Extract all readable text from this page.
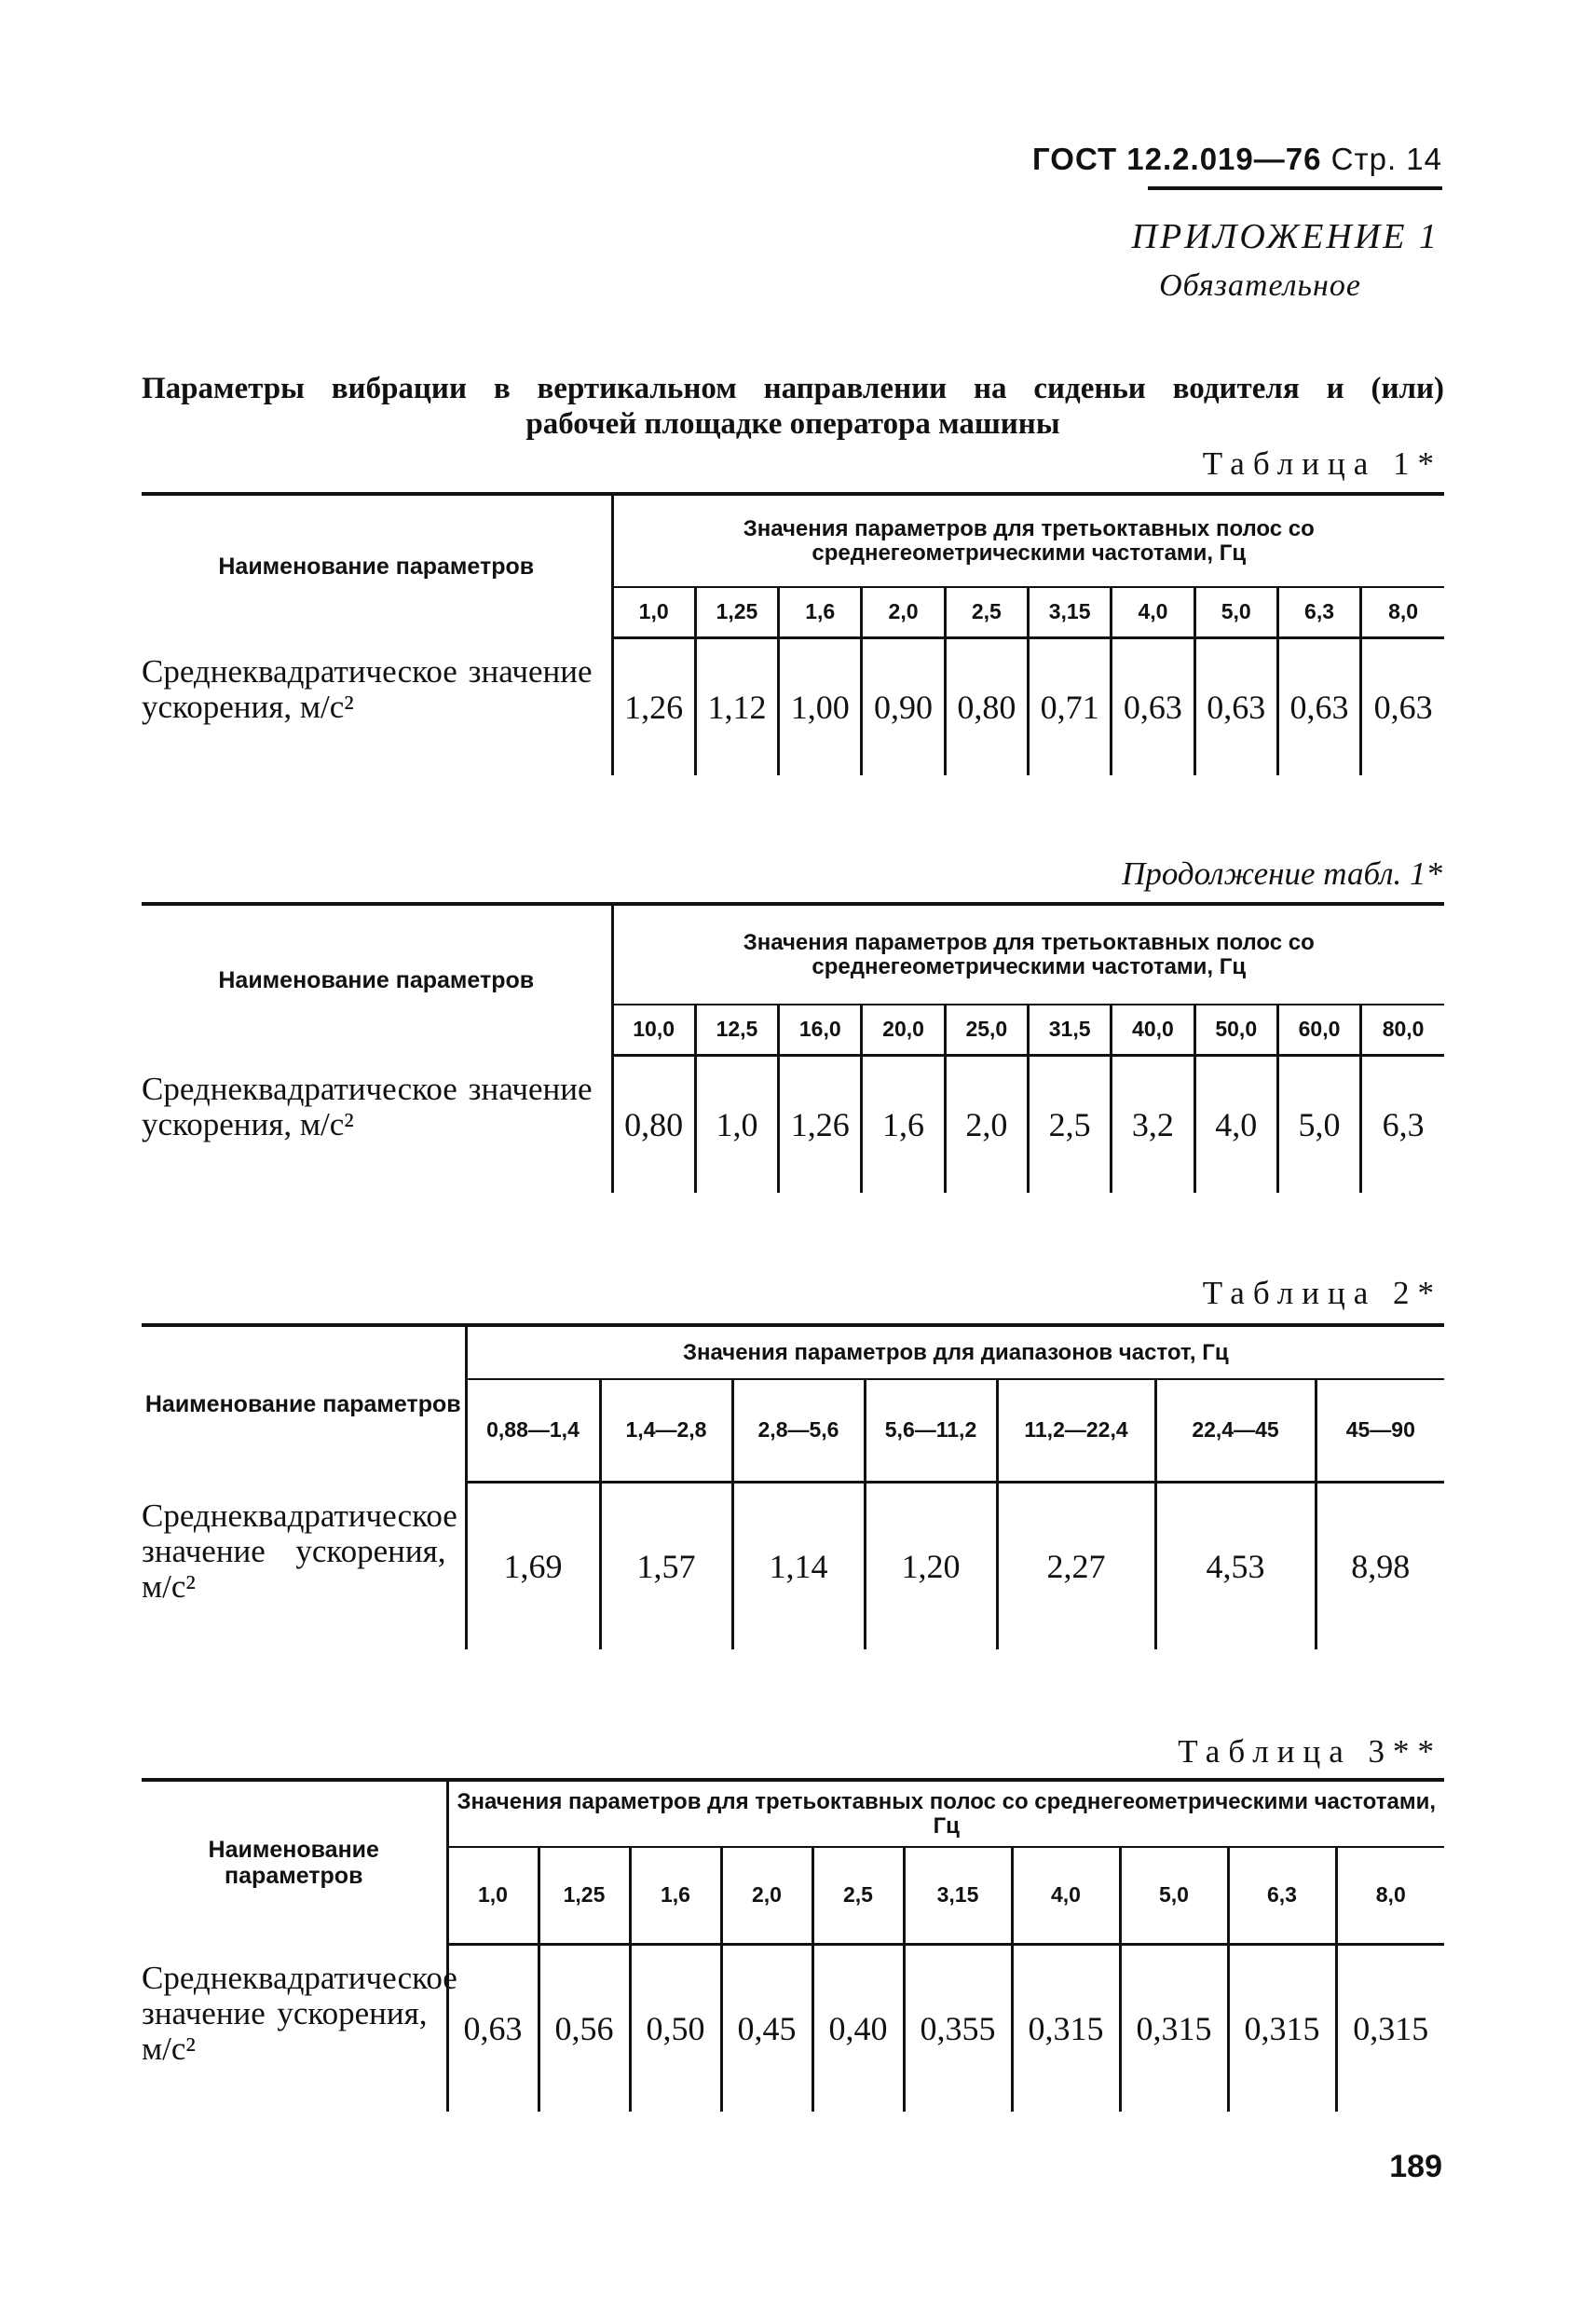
ГОСТ 12.2.019—76 Стр. 14
ПРИЛОЖЕНИЕ 1
Обязательное
Параметры вибрации в вертикальном направлении на сиденьи водителя и (или)
рабочей площадке оператора машины
Таблица 1*
Наименование параметров	Значения параметров для третьоктавных полос со среднегеометрическими частотами, Гц									
	1,0	1,25	1,6	2,0	2,5	3,15	4,0	5,0	6,3	8,0
Среднеквадратическое значение ускорения, м/с²	1,26	1,12	1,00	0,90	0,80	0,71	0,63	0,63	0,63	0,63
Продолжение табл. 1*
Наименование параметров	Значения параметров для третьоктавных полос со среднегеометрическими частотами, Гц									
	10,0	12,5	16,0	20,0	25,0	31,5	40,0	50,0	60,0	80,0
Среднеквадратическое значение ускорения, м/с²	0,80	1,0	1,26	1,6	2,0	2,5	3,2	4,0	5,0	6,3
Таблица 2*
Наименование параметров	Значения параметров для диапазонов частот, Гц						
	0,88—1,4	1,4—2,8	2,8—5,6	5,6—11,2	11,2—22,4	22,4—45	45—90
Среднеквадратическое значение ускорения, м/с²	1,69	1,57	1,14	1,20	2,27	4,53	8,98
Таблица 3**
Наименование параметров	Значения параметров для третьоктавных полос со среднегеометрическими частотами, Гц									
	1,0	1,25	1,6	2,0	2,5	3,15	4,0	5,0	6,3	8,0
Среднеквадратическое значение ускорения, м/с²	0,63	0,56	0,50	0,45	0,40	0,355	0,315	0,315	0,315	0,315
189
